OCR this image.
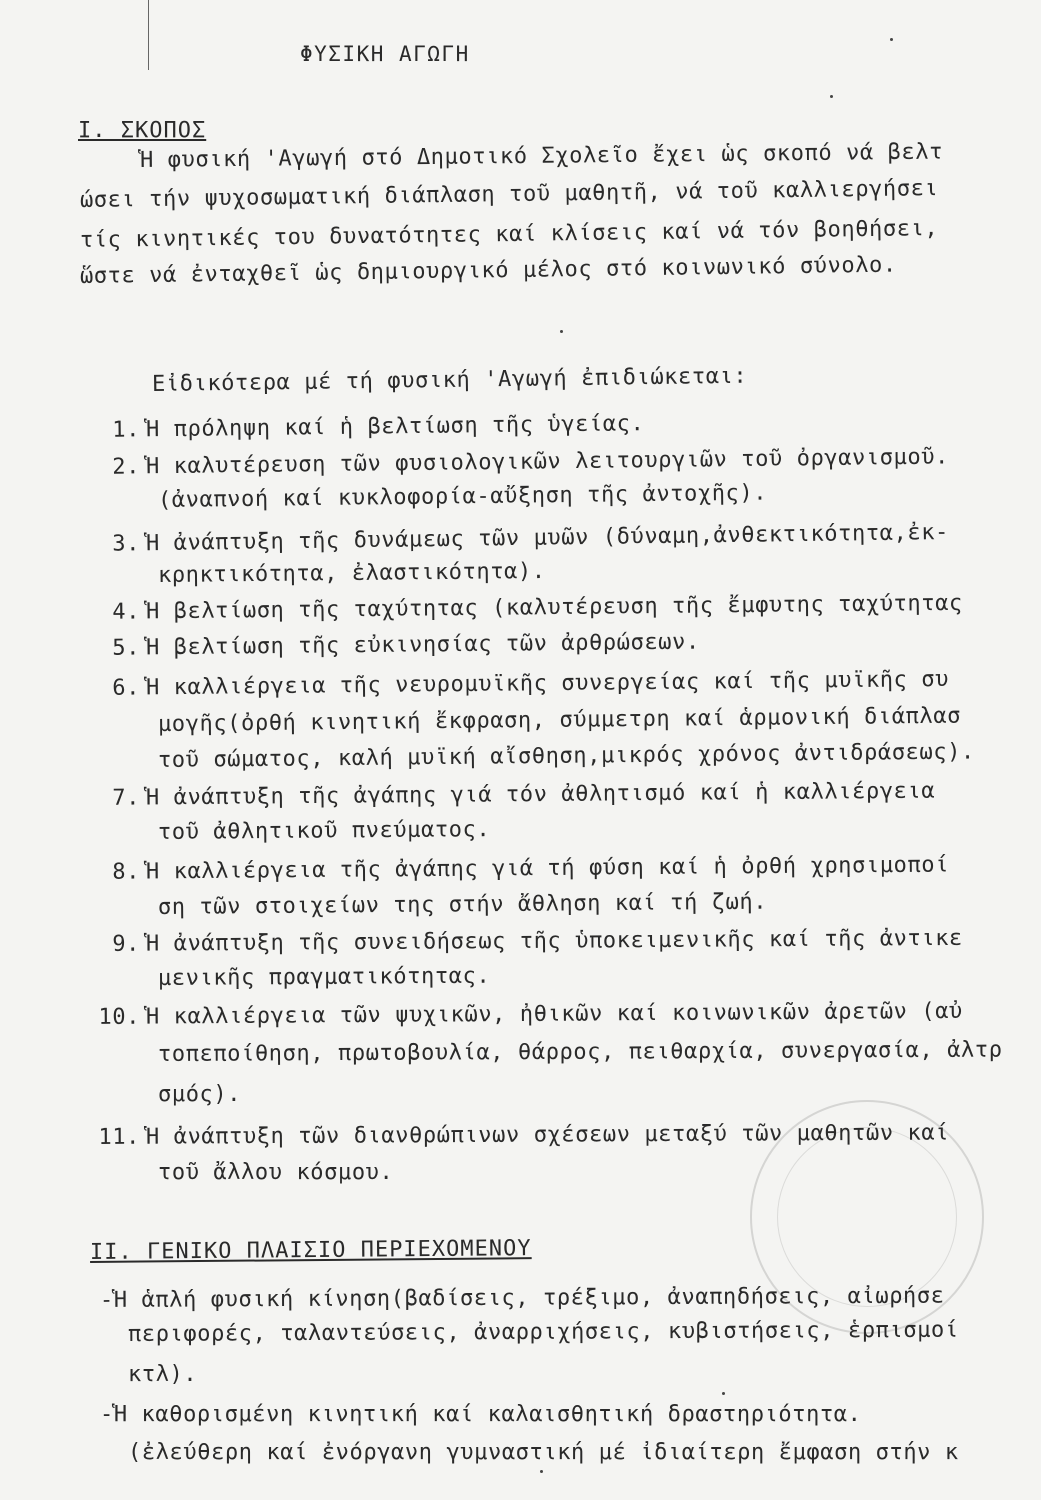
ΦΥΣΙΚΗ ΑΓΩΓΗ
Ι. ΣΚΟΠΟΣ
Ἡ φυσική 'Αγωγή στό Δημοτικό Σχολεῖο ἔχει ὡς σκοπό νά βελτ
ώσει τήν ψυχοσωματική διάπλαση τοῦ μαθητῆ, νά τοῦ καλλιεργήσει
τίς κινητικές του δυνατότητες καί κλίσεις καί νά τόν βοηθήσει,
ὥστε νά ἐνταχθεῖ ὡς δημιουργικό μέλος στό κοινωνικό σύνολο.
Εἰδικότερα μέ τή φυσική 'Αγωγή ἐπιδιώκεται:
1. Ἡ πρόληψη καί ἡ βελτίωση τῆς ὑγείας.
2. Ἡ καλυτέρευση τῶν φυσιολογικῶν λειτουργιῶν τοῦ ὀργανισμοῦ.
(ἀναπνοή καί κυκλοφορία-αὔξηση τῆς ἀντοχῆς).
3. Ἡ ἀνάπτυξη τῆς δυνάμεως τῶν μυῶν (δύναμη,ἀνθεκτικότητα,ἐκ-
κρηκτικότητα, ἐλαστικότητα).
4. Ἡ βελτίωση τῆς ταχύτητας (καλυτέρευση τῆς ἔμφυτης ταχύτητας
5. Ἡ βελτίωση τῆς εὐκινησίας τῶν ἀρθρώσεων.
6. Ἡ καλλιέργεια τῆς νευρομυϊκῆς συνεργείας καί τῆς μυϊκῆς συ
μογῆς(ὀρθή κινητική ἔκφραση, σύμμετρη καί ἁρμονική διάπλασ
τοῦ σώματος, καλή μυϊκή αἴσθηση,μικρός χρόνος ἀντιδράσεως).
7. Ἡ ἀνάπτυξη τῆς ἀγάπης γιά τόν ἀθλητισμό καί ἡ καλλιέργεια
τοῦ ἀθλητικοῦ πνεύματος.
8. Ἡ καλλιέργεια τῆς ἀγάπης γιά τή φύση καί ἡ ὀρθή χρησιμοποί
ση τῶν στοιχείων της στήν ἄθληση καί τή ζωή.
9. Ἡ ἀνάπτυξη τῆς συνειδήσεως τῆς ὑποκειμενικῆς καί τῆς ἀντικε
μενικῆς πραγματικότητας.
10. Ἡ καλλιέργεια τῶν ψυχικῶν, ἠθικῶν καί κοινωνικῶν ἀρετῶν (αὐ
τοπεποίθηση, πρωτοβουλία, θάρρος, πειθαρχία, συνεργασία, ἀλτρ
σμός).
11. Ἡ ἀνάπτυξη τῶν διανθρώπινων σχέσεων μεταξύ τῶν μαθητῶν καί
τοῦ ἄλλου κόσμου.
ΙΙ. ΓΕΝΙΚΟ ΠΛΑΙΣΙΟ ΠΕΡΙΕΧΟΜΕΝΟΥ
-Ἡ ἁπλή φυσική κίνηση(βαδίσεις, τρέξιμο, ἀναπηδήσεις, αἰωρήσε
περιφορές, ταλαντεύσεις, ἀναρριχήσεις, κυβιστήσεις, ἑρπισμοί
κτλ).
-Ἡ καθορισμένη κινητική καί καλαισθητική δραστηριότητα.
(ἐλεύθερη καί ἐνόργανη γυμναστική μέ ἰδιαίτερη ἔμφαση στήν κ
